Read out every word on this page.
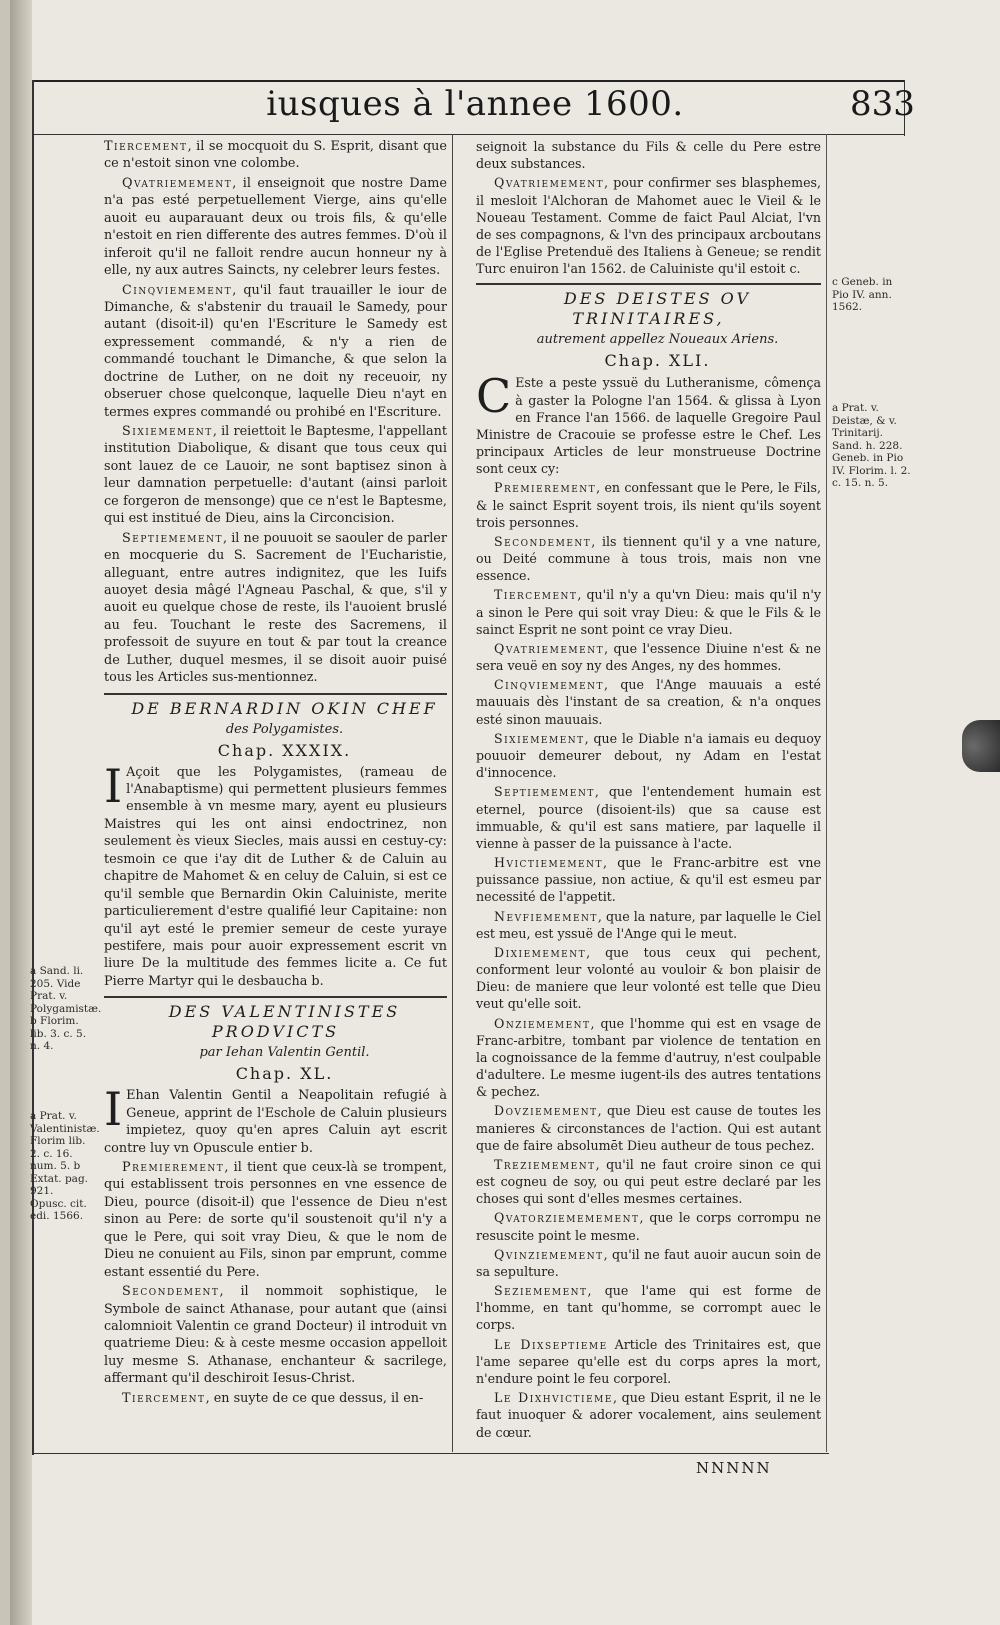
iusques à l'annee 1600.	833

Tiercement, il se mocquoit du S. Esprit, disant que ce n'estoit sinon vne colombe.

Qvatriemement, il enseignoit que nostre Dame n'a pas esté perpetuellement Vierge, ains qu'elle auoit eu auparauant deux ou trois fils, & qu'elle n'estoit en rien differente des autres femmes. D'où il inferoit qu'il ne falloit rendre aucun honneur ny à elle, ny aux autres Saincts, ny celebrer leurs festes.

Cinqviemement, qu'il faut trauailler le iour de Dimanche, & s'abstenir du trauail le Samedy, pour autant (disoit-il) qu'en l'Escriture le Samedy est expressement commandé, & n'y a rien de commandé touchant le Dimanche, & que selon la doctrine de Luther, on ne doit ny receuoir, ny obseruer chose quelconque, laquelle Dieu n'ayt en termes expres commandé ou prohibé en l'Escriture.

Sixiemement, il reiettoit le Baptesme, l'appellant institution Diabolique, & disant que tous ceux qui sont lauez de ce Lauoir, ne sont baptisez sinon à leur damnation perpetuelle: d'autant (ainsi parloit ce forgeron de mensonge) que ce n'est le Baptesme, qui est institué de Dieu, ains la Circoncision.

Septiemement, il ne pouuoit se saouler de parler en mocquerie du S. Sacrement de l'Eucharistie, alleguant, entre autres indignitez, que les Iuifs auoyet desia mâgé l'Agneau Paschal, & que, s'il y auoit eu quelque chose de reste, ils l'auoient bruslé au feu. Touchant le reste des Sacremens, il professoit de suyure en tout & par tout la creance de Luther, duquel mesmes, il se disoit auoir puisé tous les Articles sus-mentionnez.

DE BERNARDIN OKIN CHEF

des Polygamistes.

Chap. XXXIX.

I Açoit que les Polygamistes, (rameau de l'Anabaptisme) qui permettent plusieurs femmes ensemble à vn mesme mary, ayent eu plusieurs Maistres qui les ont ainsi endoctrinez, non seulement ès vieux Siecles, mais aussi en cestuy-cy: tesmoin ce que i'ay dit de Luther & de Caluin au chapitre de Mahomet & en celuy de Caluin, si est ce qu'il semble que Bernardin Okin Caluiniste, merite particulierement d'estre qualifié leur Capitaine: non qu'il ayt esté le premier semeur de ceste yuraye pestifere, mais pour auoir expressement escrit vn liure De la multitude des femmes licite a. Ce fut Pierre Martyr qui le desbaucha b.

DES VALENTINISTES PRODVICTS

par Iehan Valentin Gentil.

Chap. XL.

I Ehan Valentin Gentil a Neapolitain refugié à Geneue, apprint de l'Eschole de Caluin plusieurs impietez, quoy qu'en apres Caluin ayt escrit contre luy vn Opuscule entier b.

Premierement, il tient que ceux-là se trompent, qui establissent trois personnes en vne essence de Dieu, pource (disoit-il) que l'essence de Dieu n'est sinon au Pere: de sorte qu'il soustenoit qu'il n'y a que le Pere, qui soit vray Dieu, & que le nom de Dieu ne conuient au Fils, sinon par emprunt, comme estant essentié du Pere.

Secondement, il nommoit sophistique, le Symbole de sainct Athanase, pour autant que (ainsi calomnioit Valentin ce grand Docteur) il introduit vn quatrieme Dieu: & à ceste mesme occasion appelloit luy mesme S. Athanase, enchanteur & sacrilege, affermant qu'il deschiroit Iesus-Christ.

Tiercement, en suyte de ce que dessus, il en-

seignoit la substance du Fils & celle du Pere estre deux substances.

Qvatriemement, pour confirmer ses blasphemes, il mesloit l'Alchoran de Mahomet auec le Vieil & le Noueau Testament. Comme de faict Paul Alciat, l'vn de ses compagnons, & l'vn des principaux arcboutans de l'Eglise Pretenduë des Italiens à Geneue; se rendit Turc enuiron l'an 1562. de Caluiniste qu'il estoit c.

DES DEISTES OV TRINITAIRES,

autrement appellez Noueaux Ariens.

Chap. XLI.

C Este a peste yssuë du Lutheranisme, cômença à gaster la Pologne l'an 1564. & glissa à Lyon en France l'an 1566. de laquelle Gregoire Paul Ministre de Cracouie se professe estre le Chef. Les principaux Articles de leur monstrueuse Doctrine sont ceux cy:

Premierement, en confessant que le Pere, le Fils, & le sainct Esprit soyent trois, ils nient qu'ils soyent trois personnes.

Secondement, ils tiennent qu'il y a vne nature, ou Deité commune à tous trois, mais non vne essence.

Tiercement, qu'il n'y a qu'vn Dieu: mais qu'il n'y a sinon le Pere qui soit vray Dieu: & que le Fils & le sainct Esprit ne sont point ce vray Dieu.

Qvatriemement, que l'essence Diuine n'est & ne sera veuë en soy ny des Anges, ny des hommes.

Cinqviemement, que l'Ange mauuais a esté mauuais dès l'instant de sa creation, & n'a onques esté sinon mauuais.

Sixiemement, que le Diable n'a iamais eu dequoy pouuoir demeurer debout, ny Adam en l'estat d'innocence.

Septiemement, que l'entendement humain est eternel, pource (disoient-ils) que sa cause est immuable, & qu'il est sans matiere, par laquelle il vienne à passer de la puissance à l'acte.

Hvictiemement, que le Franc-arbitre est vne puissance passiue, non actiue, & qu'il est esmeu par necessité de l'appetit.

Nevfiemement, que la nature, par laquelle le Ciel est meu, est yssuë de l'Ange qui le meut.

Dixiemement, que tous ceux qui pechent, conforment leur volonté au vouloir & bon plaisir de Dieu: de maniere que leur volonté est telle que Dieu veut qu'elle soit.

Onziemement, que l'homme qui est en vsage de Franc-arbitre, tombant par violence de tentation en la cognoissance de la femme d'autruy, n'est coulpable d'adultere. Le mesme iugent-ils des autres tentations & pechez.

Dovziemement, que Dieu est cause de toutes les manieres & circonstances de l'action. Qui est autant que de faire absolumēt Dieu autheur de tous pechez.

Treziemement, qu'il ne faut croire sinon ce qui est cogneu de soy, ou qui peut estre declaré par les choses qui sont d'elles mesmes certaines.

Qvatorziememement, que le corps corrompu ne resuscite point le mesme.

Qvinziemement, qu'il ne faut auoir aucun soin de sa sepulture.

Seziemement, que l'ame qui est forme de l'homme, en tant qu'homme, se corrompt auec le corps.

Le Dixseptieme Article des Trinitaires est, que l'ame separee qu'elle est du corps apres la mort, n'endure point le feu corporel.

Le Dixhvictieme, que Dieu estant Esprit, il ne le faut inuoquer & adorer vocalement, ains seulement de cœur.

a Sand. li. 205. Vide Prat. v. Polygamistæ. b Florim. lib. 3. c. 5. n. 4.
a Prat. v. Valentinistæ. Florim lib. 2. c. 16. num. 5. b Extat. pag. 921. Opusc. cit. edi. 1566.
c Geneb. in Pio IV. ann. 1562.
a Prat. v. Deistæ, & v. Trinitarij. Sand. h. 228. Geneb. in Pio IV. Florim. l. 2. c. 15. n. 5.
NNNNN
